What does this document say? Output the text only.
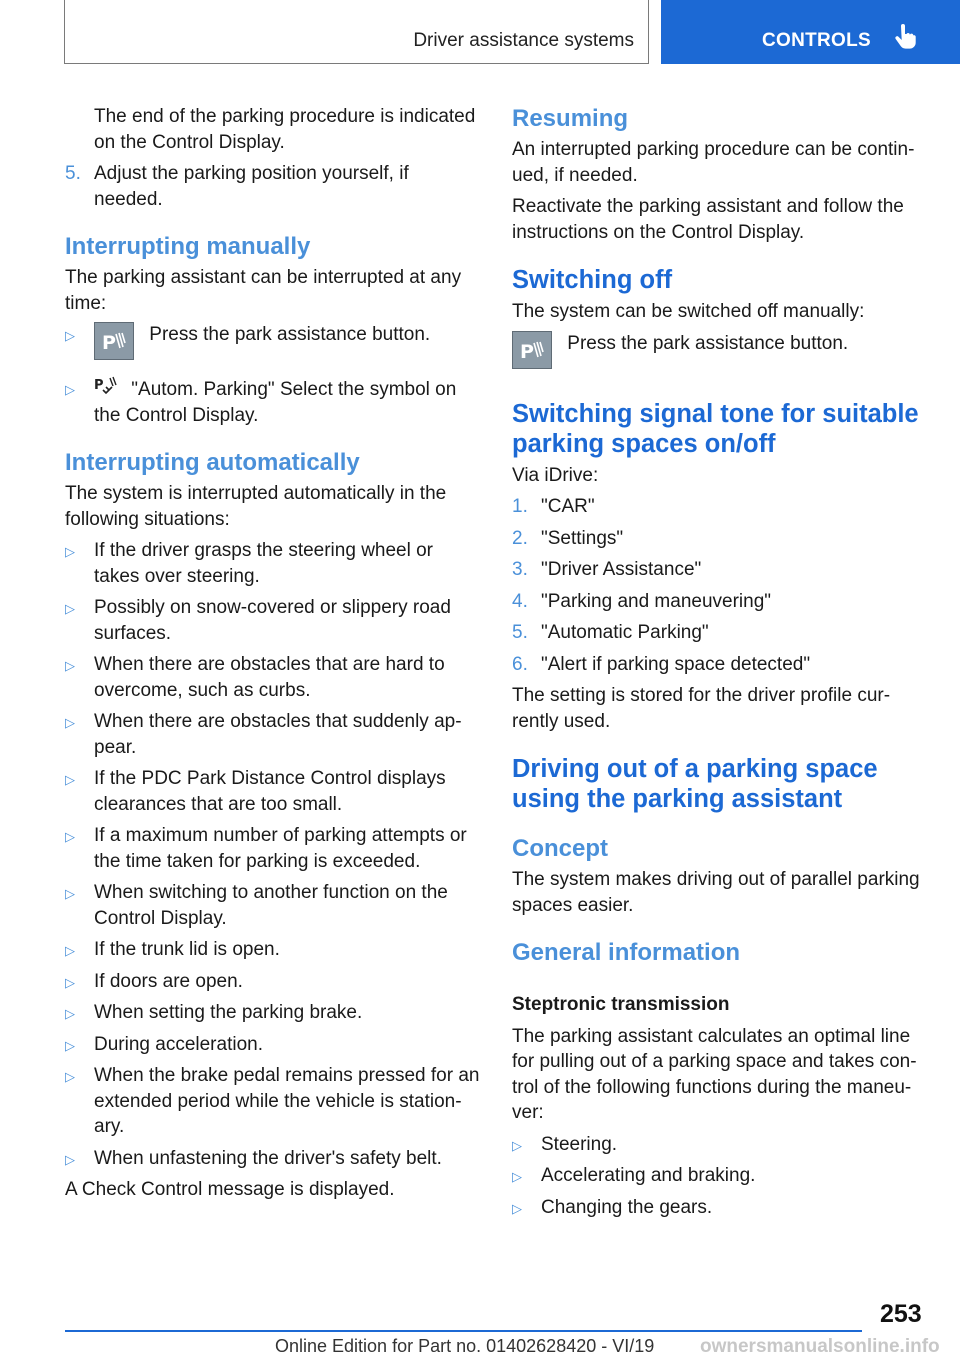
Driver assistance systems	CONTROLS

The end of the parking procedure is indicated on the Control Display.

5. Adjust the parking position yourself, if needed.
Interrupting manually

The parking assistant can be interrupted at any time:

▷ P Press the park assistance button.
▷ P "Autom. Parking" Select the symbol on the Control Display.
Interrupting automatically

The system is interrupted automatically in the following situations:

▷ If the driver grasps the steering wheel or takes over steering.
▷ Possibly on snow-covered or slippery road surfaces.
▷ When there are obstacles that are hard to overcome, such as curbs.
▷ When there are obstacles that suddenly appear.
▷ If the PDC Park Distance Control displays clearances that are too small.
▷ If a maximum number of parking attempts or the time taken for parking is exceeded.
▷ When switching to another function on the Control Display.
▷ If the trunk lid is open.
▷ If doors are open.
▷ When setting the parking brake.
▷ During acceleration.
▷ When the brake pedal remains pressed for an extended period while the vehicle is stationary.
▷ When unfastening the driver's safety belt.

A Check Control message is displayed.

Resuming

An interrupted parking procedure can be continued, if needed.

Reactivate the parking assistant and follow the instructions on the Control Display.

Switching off

The system can be switched off manually:

P Press the park assistance button.
Switching signal tone for suitable parking spaces on/off

Via iDrive:

1. "CAR"
2. "Settings"
3. "Driver Assistance"
4. "Parking and maneuvering"
5. "Automatic Parking"
6. "Alert if parking space detected"

The setting is stored for the driver profile currently used.

Driving out of a parking space using the parking assistant
Concept

The system makes driving out of parallel parking spaces easier.

General information
Steptronic transmission

The parking assistant calculates an optimal line for pulling out of a parking space and takes control of the following functions during the maneuver:

▷ Steering.
▷ Accelerating and braking.
▷ Changing the gears.
253
Online Edition for Part no. 01402628420 - VI/19 ownersmanualsonline.info
